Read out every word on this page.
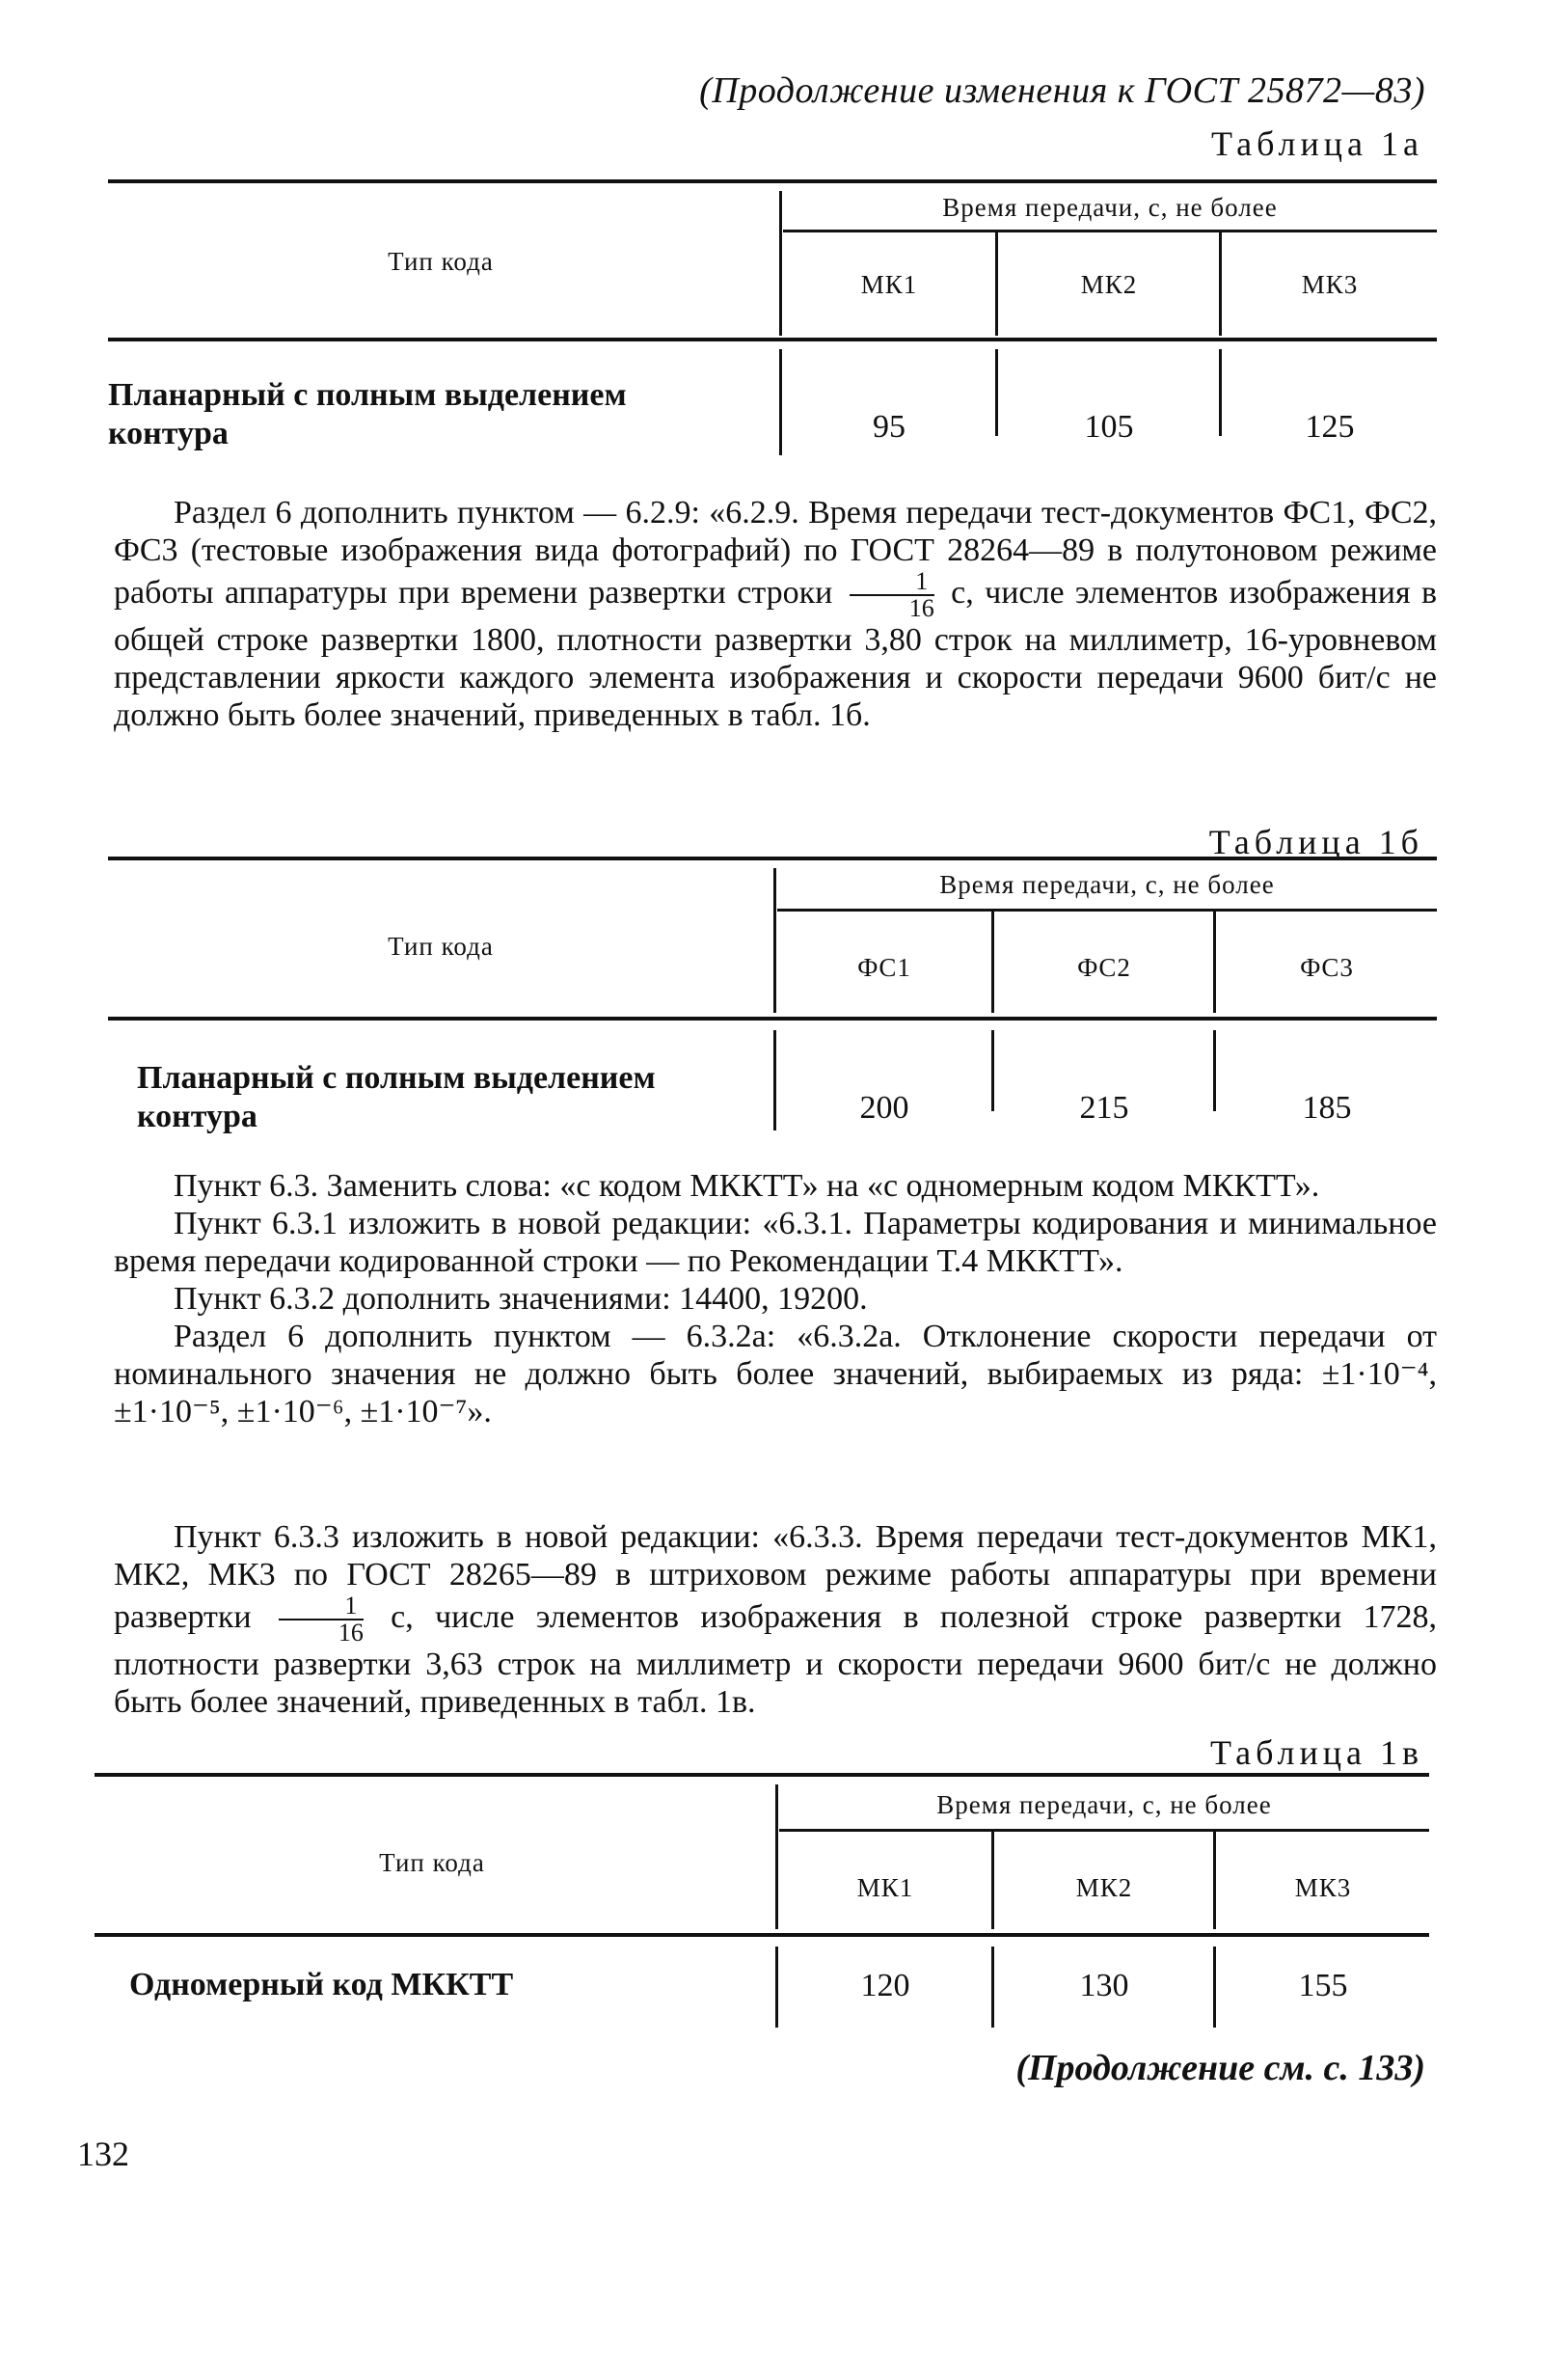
(Продолжение изменения к ГОСТ 25872—83)
Таблица 1а
Тип кода
Время передачи, с, не более
МК1	МК2	МК3
Планарный с полным выделением
контура	95	105	125

Раздел 6 дополнить пунктом — 6.2.9: «6.2.9. Время передачи тест-документов ФС1, ФС2, ФС3 (тестовые изображения вида фотографий) по ГОСТ 28264—89 в полутоновом режиме работы аппаратуры при времени развертки строки $\frac{1}{16} с$, числе элементов изображения в общей строке развертки 1800, плотности развертки 3,80 строк на миллиметр, 16-уровневом представлении яркости каждого элемента изображения и скорости передачи 9600 бит/с не должно быть более значений, приведенных в табл. 1б.

Таблица 1б
Тип кода
Время передачи, с, не более
ФС1	ФС2	ФС3
Планарный с полным выделением
контура	200	215	185

Пункт 6.3. Заменить слова: «с кодом МККТТ» на «с одномерным кодом МККТТ».

Пункт 6.3.1 изложить в новой редакции: «6.3.1. Параметры кодирования и минимальное время передачи кодированной строки — по Рекомендации Т.4 МККТТ».

Пункт 6.3.2 дополнить значениями: 14400, 19200.

Раздел 6 дополнить пунктом — 6.3.2а: «6.3.2а. Отклонение скорости передачи от номинального значения не должно быть более значений, выбираемых из ряда: ±1·10⁻⁴, ±1·10⁻⁵, ±1·10⁻⁶, ±1·10⁻⁷».

Пункт 6.3.3 изложить в новой редакции: «6.3.3. Время передачи тест-документов МК1, МК2, МК3 по ГОСТ 28265—89 в штриховом режиме работы аппаратуры при времени развертки $\frac{1}{16} с$, числе элементов изображения в полезной строке развертки 1728, плотности развертки 3,63 строк на миллиметр и скорости передачи 9600 бит/с не должно быть более значений, приведенных в табл. 1в.

Таблица 1в
Тип кода
Время передачи, с, не более
МК1	МК2	МК3
Одномерный код МККТТ	120	130	155
(Продолжение см. с. 133)
132
